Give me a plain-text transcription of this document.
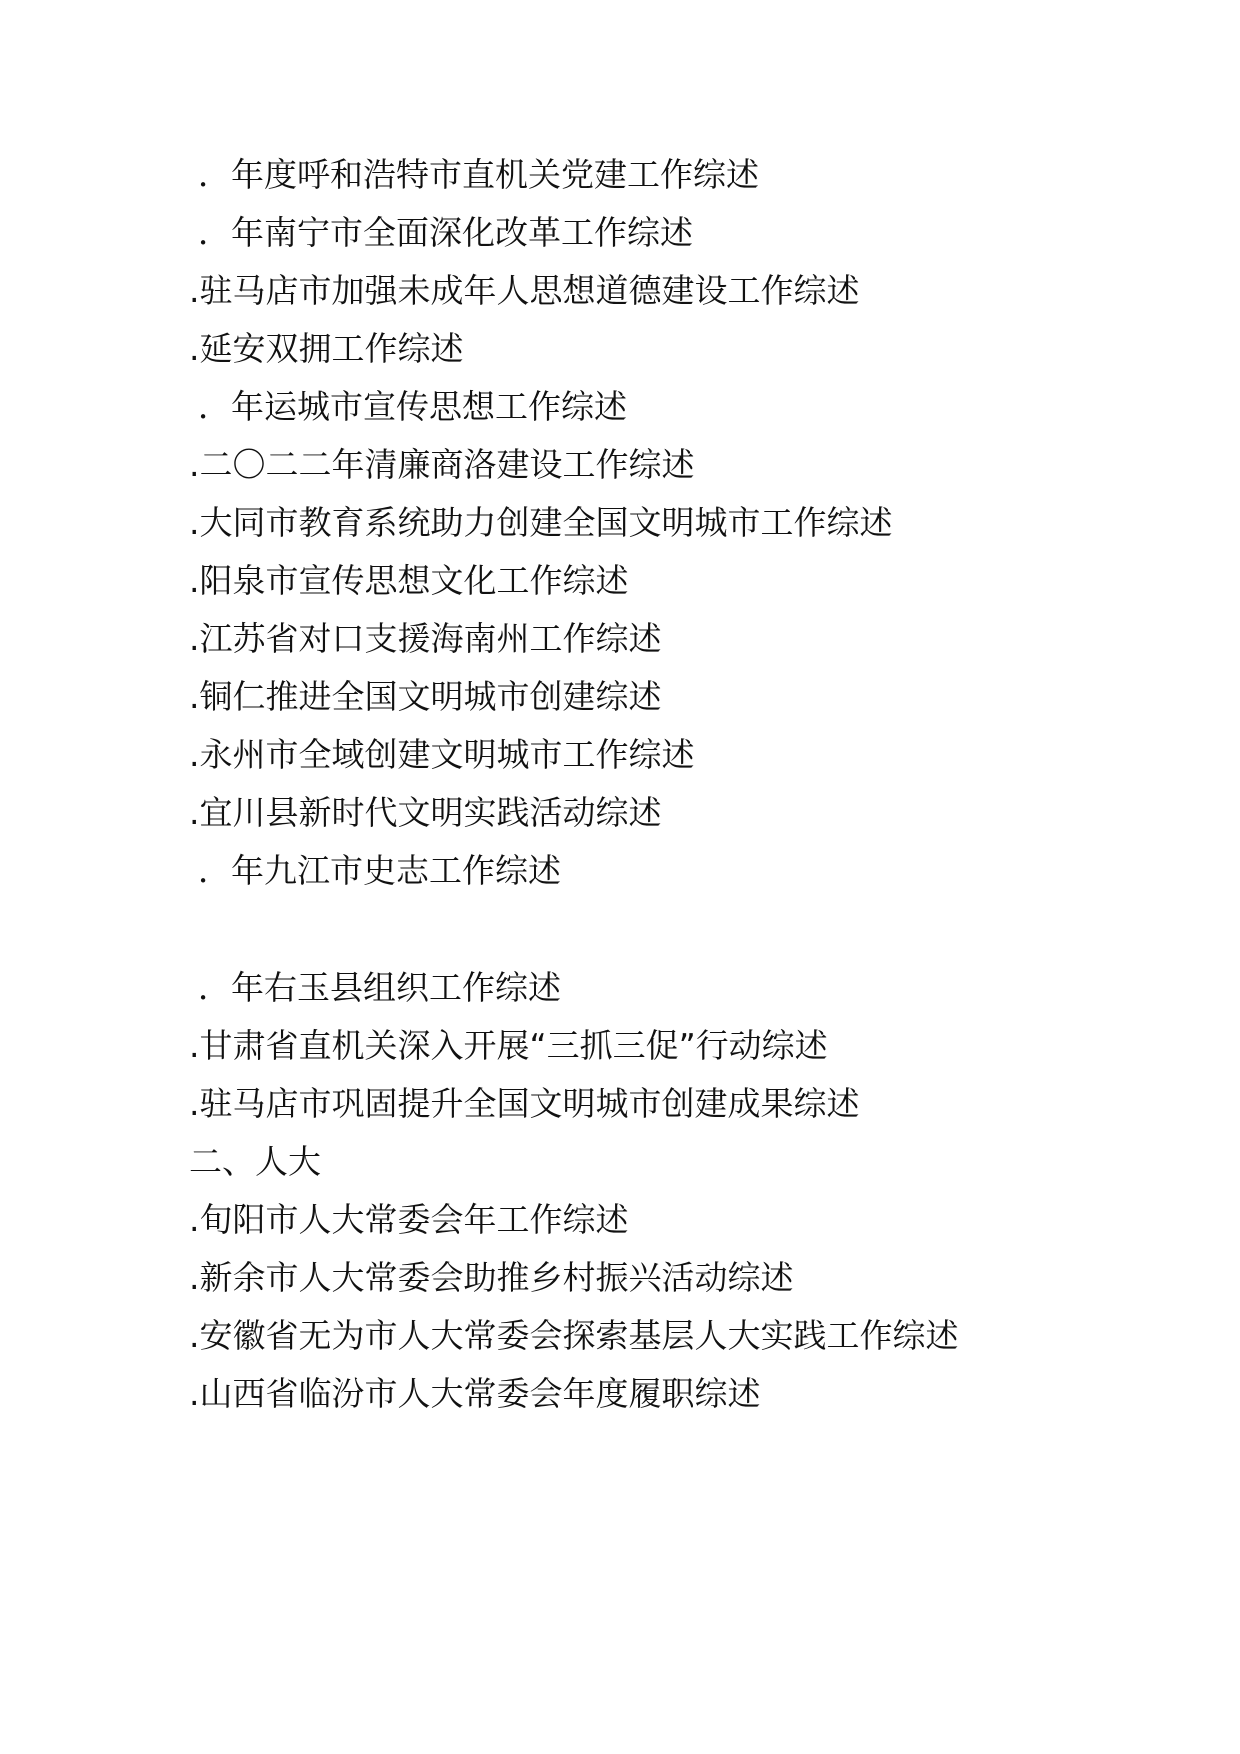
．年度呼和浩特市直机关党建工作综述
．年南宁市全面深化改革工作综述
.驻马店市加强未成年人思想道德建设工作综述
.延安双拥工作综述
．年运城市宣传思想工作综述
.二〇二二年清廉商洛建设工作综述
.大同市教育系统助力创建全国文明城市工作综述
.阳泉市宣传思想文化工作综述
.江苏省对口支援海南州工作综述
.铜仁推进全国文明城市创建综述
.永州市全域创建文明城市工作综述
.宜川县新时代文明实践活动综述
．年九江市史志工作综述
．年右玉县组织工作综述
.甘肃省直机关深入开展“三抓三促”行动综述
.驻马店市巩固提升全国文明城市创建成果综述
二、人大
.旬阳市人大常委会年工作综述
.新余市人大常委会助推乡村振兴活动综述
.安徽省无为市人大常委会探索基层人大实践工作综述
.山西省临汾市人大常委会年度履职综述
